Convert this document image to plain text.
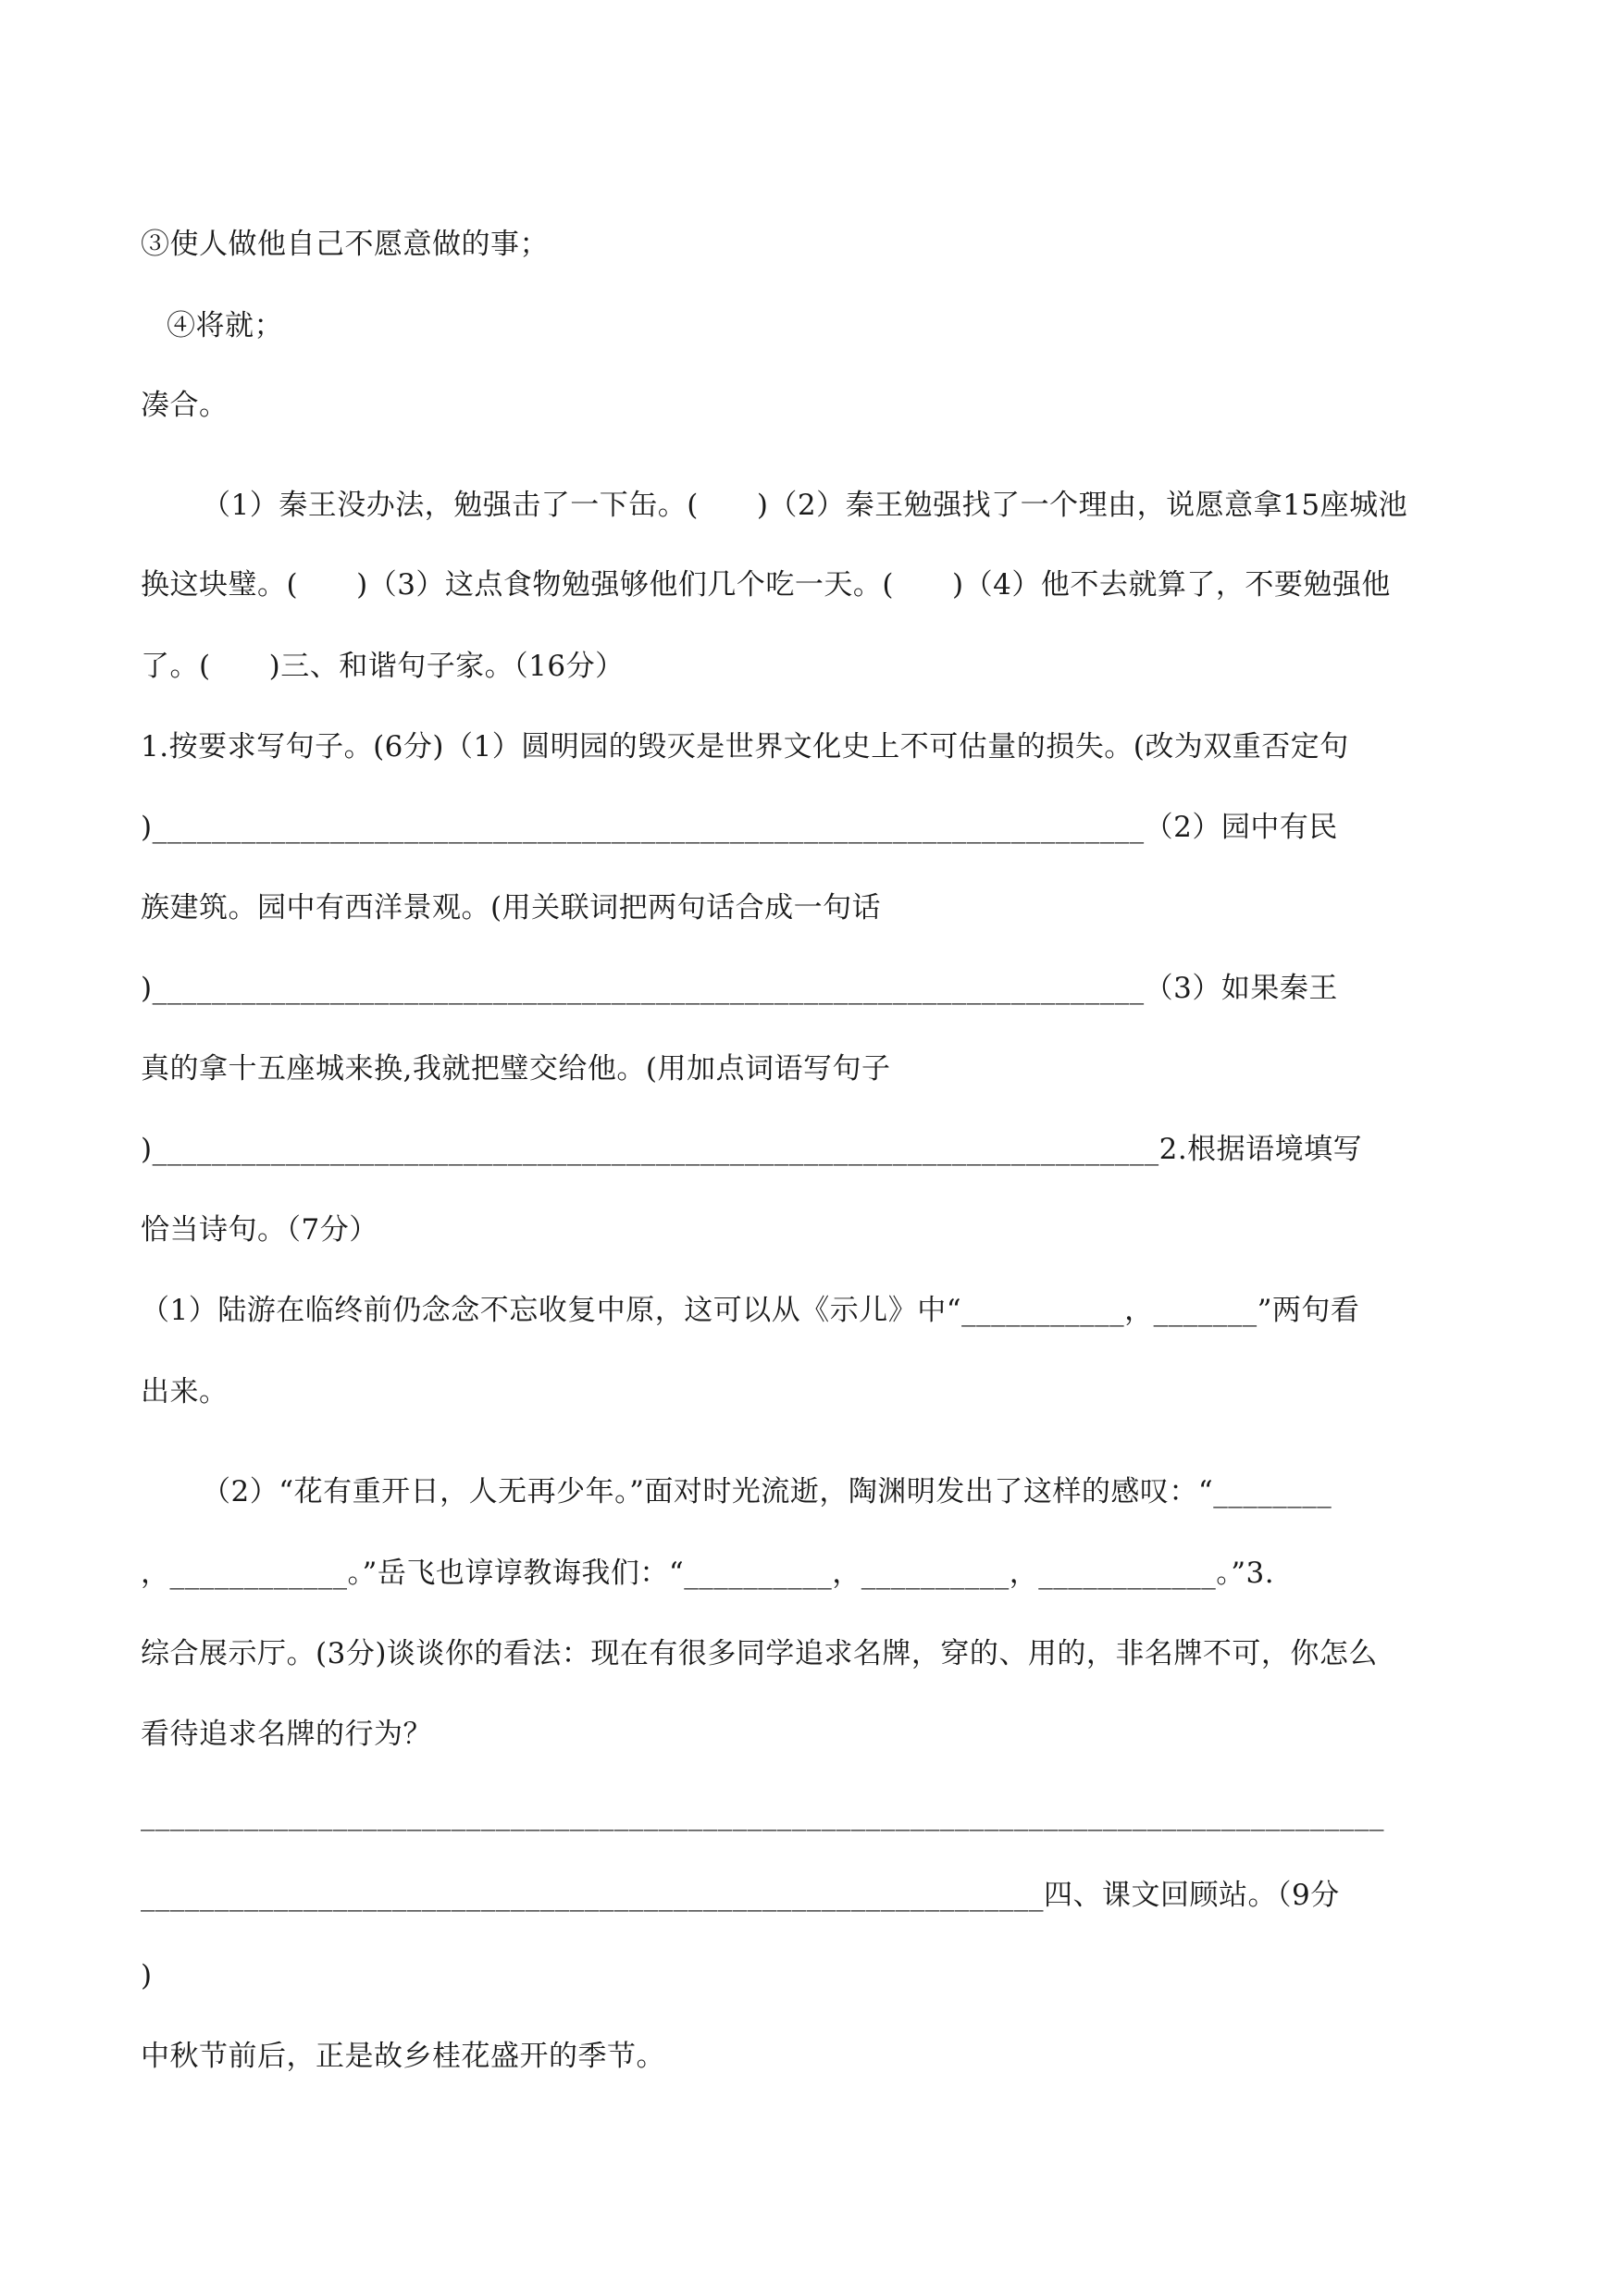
③使人做他自己不愿意做的事；
④将就；
凑合。
（1）秦王没办法，勉强击了一下缶。(　　)（2）秦王勉强找了一个理由，说愿意拿15座城池
换这块璧。(　　)（3）这点食物勉强够他们几个吃一天。(　　)（4）他不去就算了，不要勉强他
了。(　　)三、和谐句子家。（16分）
1.按要求写句子。(6分)（1）圆明园的毁灭是世界文化史上不可估量的损失。(改为双重否定句
)___________________________________________________________________（2）园中有民
族建筑。园中有西洋景观。(用关联词把两句话合成一句话
)___________________________________________________________________（3）如果秦王
真的拿十五座城来换,我就把璧交给他。(用加点词语写句子
)____________________________________________________________________2.根据语境填写
恰当诗句。（7分）
（1）陆游在临终前仍念念不忘收复中原，这可以从《示儿》中“___________，_______”两句看
出来。
（2）“花有重开日，人无再少年。”面对时光流逝，陶渊明发出了这样的感叹：“________
，____________。”岳飞也谆谆教诲我们：“__________，__________，____________。”3.
综合展示厅。(3分)谈谈你的看法：现在有很多同学追求名牌，穿的、用的，非名牌不可，你怎么
看待追求名牌的行为？
____________________________________________________________________________________
_____________________________________________________________四、课文回顾站。（9分
)
中秋节前后，正是故乡桂花盛开的季节。
